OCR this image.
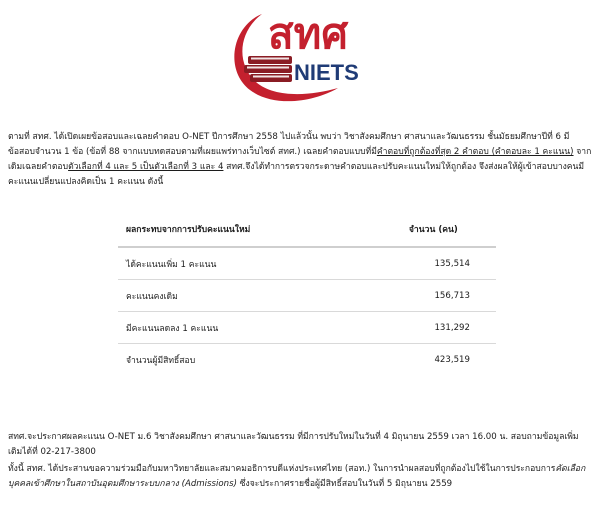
สทศ
NIETS

ตามที่ สทศ. ได้เปิดเผยข้อสอบและเฉลยคำตอบ O-NET ปีการศึกษา 2558 ไปแล้วนั้น พบว่า วิชาสังคมศึกษา ศาสนาและวัฒนธรรม ชั้นมัธยมศึกษาปีที่ 6 มีข้อสอบจำนวน 1 ข้อ (ข้อที่ 88 จากแบบทดสอบตามที่เผยแพร่ทางเว็บไซต์ สทศ.) เฉลยคำตอบแบบที่มีคำตอบที่ถูกต้องที่สุด 2 คำตอบ (คำตอบละ 1 คะแนน) จากเดิมเฉลยคำตอบตัวเลือกที่ 4 และ 5 เป็นตัวเลือกที่ 3 และ 4 สทศ.จึงได้ทำการตรวจกระดาษคำตอบและปรับคะแนนใหม่ให้ถูกต้อง จึงส่งผลให้ผู้เข้าสอบบางคนมีคะแนนเปลี่ยนแปลงคิดเป็น 1 คะแนน ดังนี้

ผลกระทบจากการปรับคะแนนใหม่	จำนวน (คน)
ได้คะแนนเพิ่ม 1 คะแนน	135,514
คะแนนคงเดิม	156,713
มีคะแนนลดลง 1 คะแนน	131,292
จำนวนผู้มีสิทธิ์สอบ	423,519

สทศ.จะประกาศผลคะแนน O-NET ม.6 วิชาสังคมศึกษา ศาสนาและวัฒนธรรม ที่มีการปรับใหม่ในวันที่ 4 มิถุนายน 2559 เวลา 16.00 น. สอบถามข้อมูลเพิ่มเติมได้ที่ 02-217-3800

ทั้งนี้ สทศ. ได้ประสานขอความร่วมมือกับมหาวิทยาลัยและสมาคมอธิการบดีแห่งประเทศไทย (สอท.) ในการนำผลสอบที่ถูกต้องไปใช้ในการประกอบการคัดเลือกบุคคลเข้าศึกษาในสถาบันอุดมศึกษาระบบกลาง (Admissions) ซึ่งจะประกาศรายชื่อผู้มีสิทธิ์สอบในวันที่ 5 มิถุนายน 2559
